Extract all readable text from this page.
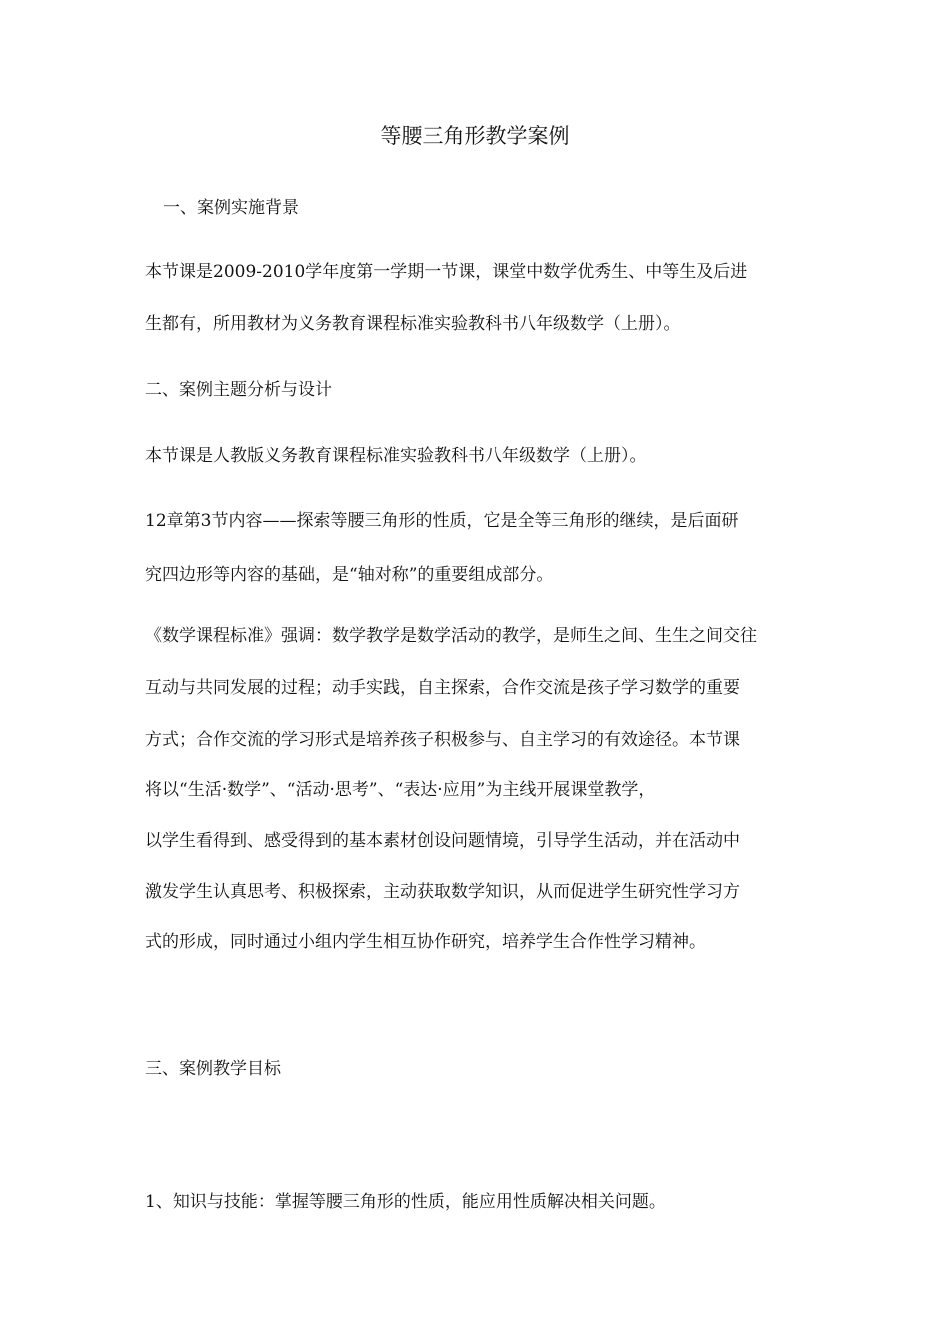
等腰三角形教学案例

一、案例实施背景

本节课是2009-2010学年度第一学期一节课，课堂中数学优秀生、中等生及后进

生都有，所用教材为义务教育课程标准实验教科书八年级数学（上册）。

二、案例主题分析与设计

本节课是人教版义务教育课程标准实验教科书八年级数学（上册）。

12章第3节内容——探索等腰三角形的性质，它是全等三角形的继续，是后面研

究四边形等内容的基础，是“轴对称”的重要组成部分。

《数学课程标准》强调：数学教学是数学活动的教学，是师生之间、生生之间交往

互动与共同发展的过程；动手实践，自主探索，合作交流是孩子学习数学的重要

方式；合作交流的学习形式是培养孩子积极参与、自主学习的有效途径。本节课

将以“生活·数学”、“活动·思考”、“表达·应用”为主线开展课堂教学，

以学生看得到、感受得到的基本素材创设问题情境，引导学生活动，并在活动中

激发学生认真思考、积极探索，主动获取数学知识，从而促进学生研究性学习方

式的形成，同时通过小组内学生相互协作研究，培养学生合作性学习精神。

三、案例教学目标

1、知识与技能：掌握等腰三角形的性质，能应用性质解决相关问题。
